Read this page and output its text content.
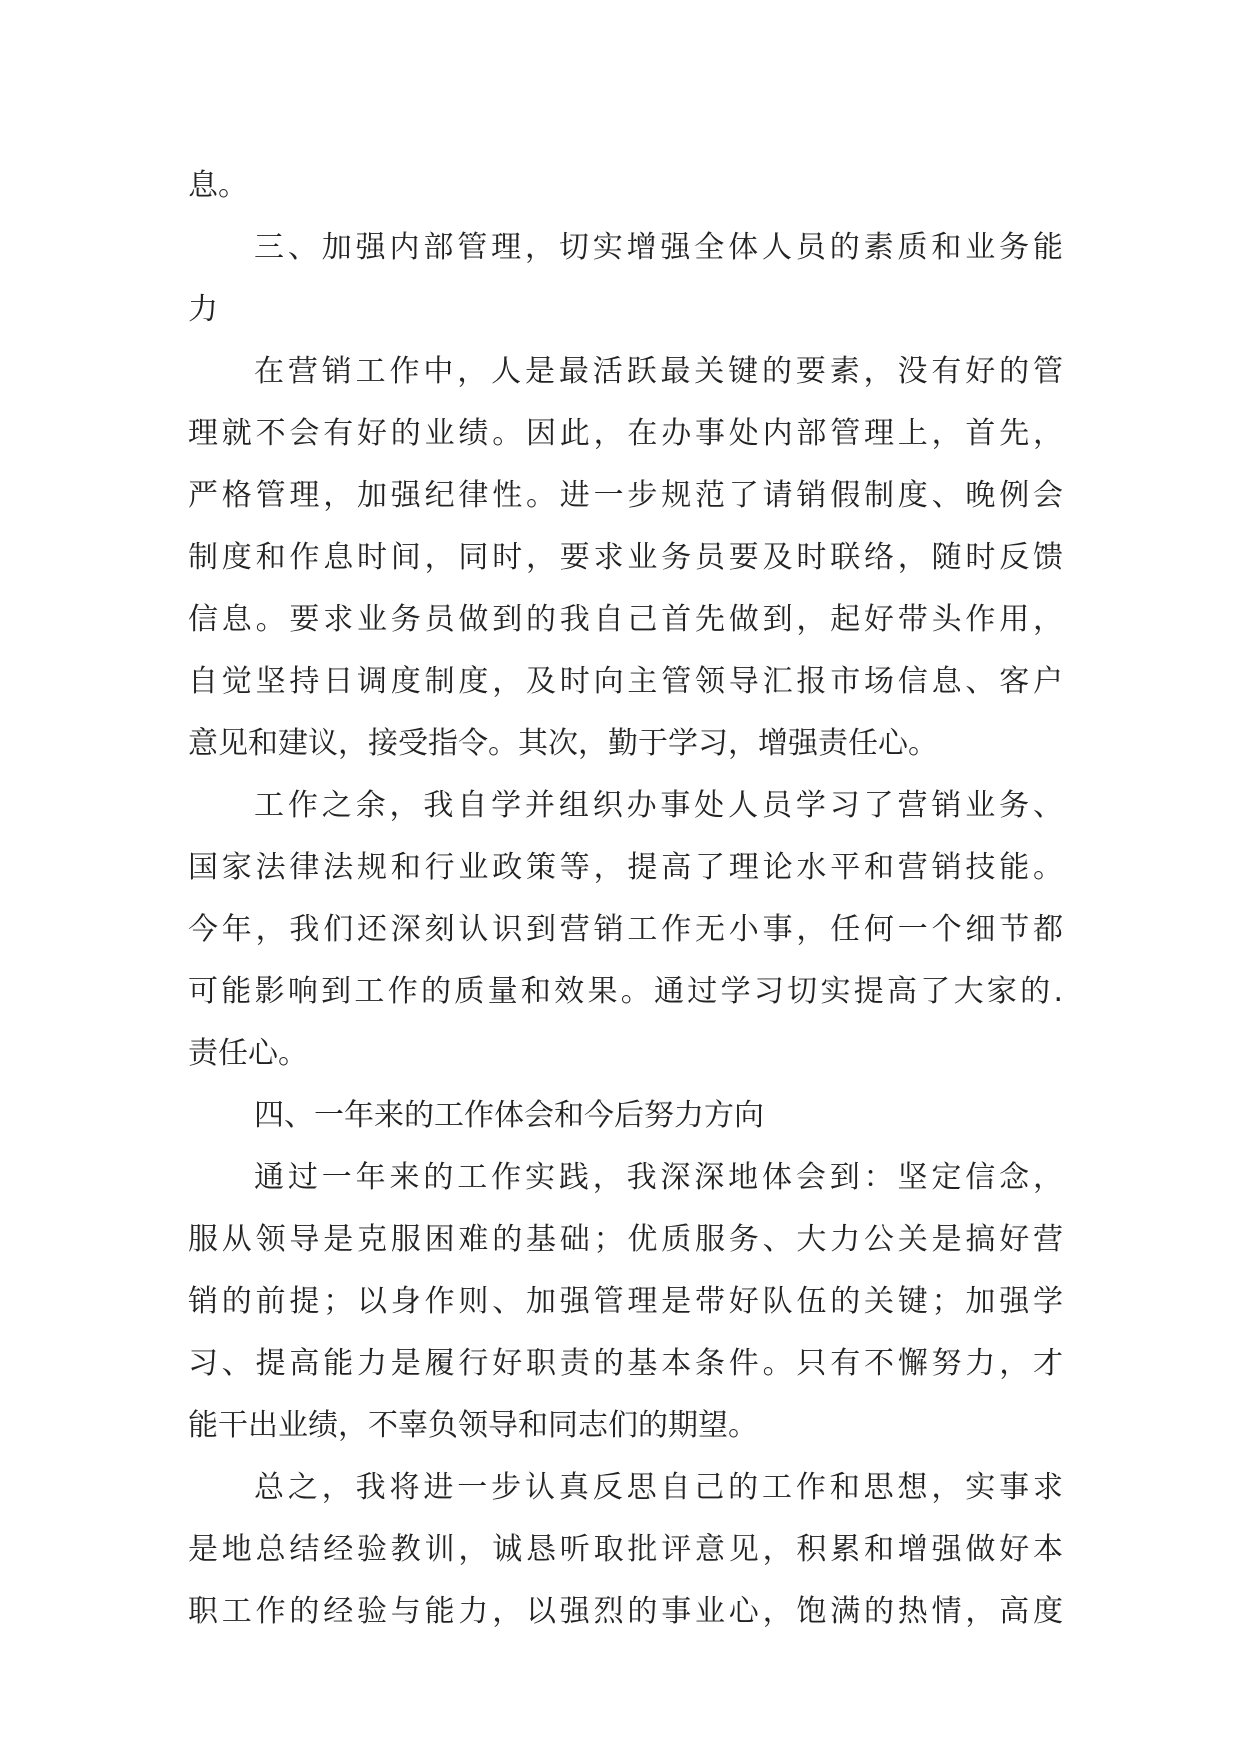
息。
三、加强内部管理，切实增强全体人员的素质和业务能
力
在营销工作中，人是最活跃最关键的要素，没有好的管
理就不会有好的业绩。因此，在办事处内部管理上，首先，
严格管理，加强纪律性。进一步规范了请销假制度、晚例会
制度和作息时间，同时，要求业务员要及时联络，随时反馈
信息。要求业务员做到的我自己首先做到，起好带头作用，
自觉坚持日调度制度，及时向主管领导汇报市场信息、客户
意见和建议，接受指令。其次，勤于学习，增强责任心。
工作之余，我自学并组织办事处人员学习了营销业务、
国家法律法规和行业政策等，提高了理论水平和营销技能。
今年，我们还深刻认识到营销工作无小事，任何一个细节都
可能影响到工作的质量和效果。通过学习切实提高了大家的.
责任心。
四、一年来的工作体会和今后努力方向
通过一年来的工作实践，我深深地体会到：坚定信念，
服从领导是克服困难的基础；优质服务、大力公关是搞好营
销的前提；以身作则、加强管理是带好队伍的关键；加强学
习、提高能力是履行好职责的基本条件。只有不懈努力，才
能干出业绩，不辜负领导和同志们的期望。
总之，我将进一步认真反思自己的工作和思想，实事求
是地总结经验教训，诚恳听取批评意见，积累和增强做好本
职工作的经验与能力，以强烈的事业心，饱满的热情，高度
